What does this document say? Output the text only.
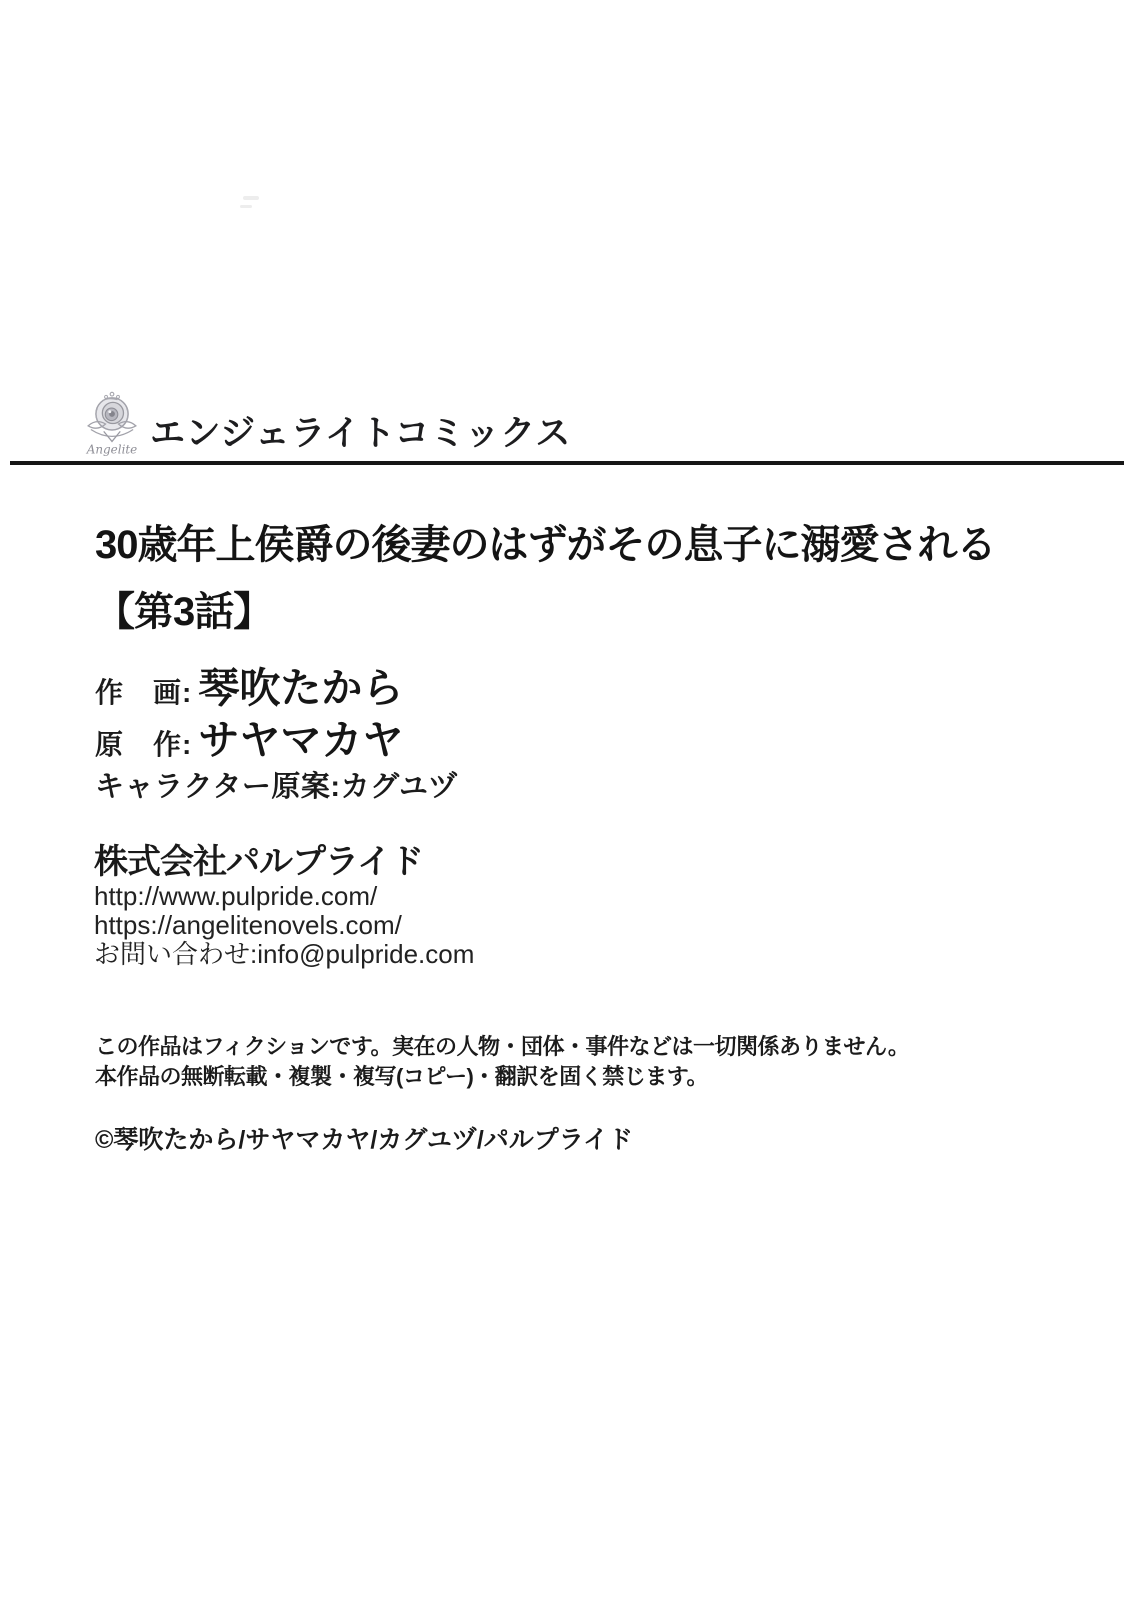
Angelite エンジェライトコミックス
30歳年上侯爵の後妻のはずがその息子に溺愛される
【第3話】
作　画: 琴吹たから
原　作: サヤマカヤ
キャラクター原案:カグユヅ
株式会社パルプライド
http://www.pulpride.com/
https://angelitenovels.com/
お問い合わせ:info@pulpride.com
この作品はフィクションです。実在の人物・団体・事件などは一切関係ありません。
本作品の無断転載・複製・複写(コピー)・翻訳を固く禁じます。
©琴吹たから/サヤマカヤ/カグユヅ/パルプライド
